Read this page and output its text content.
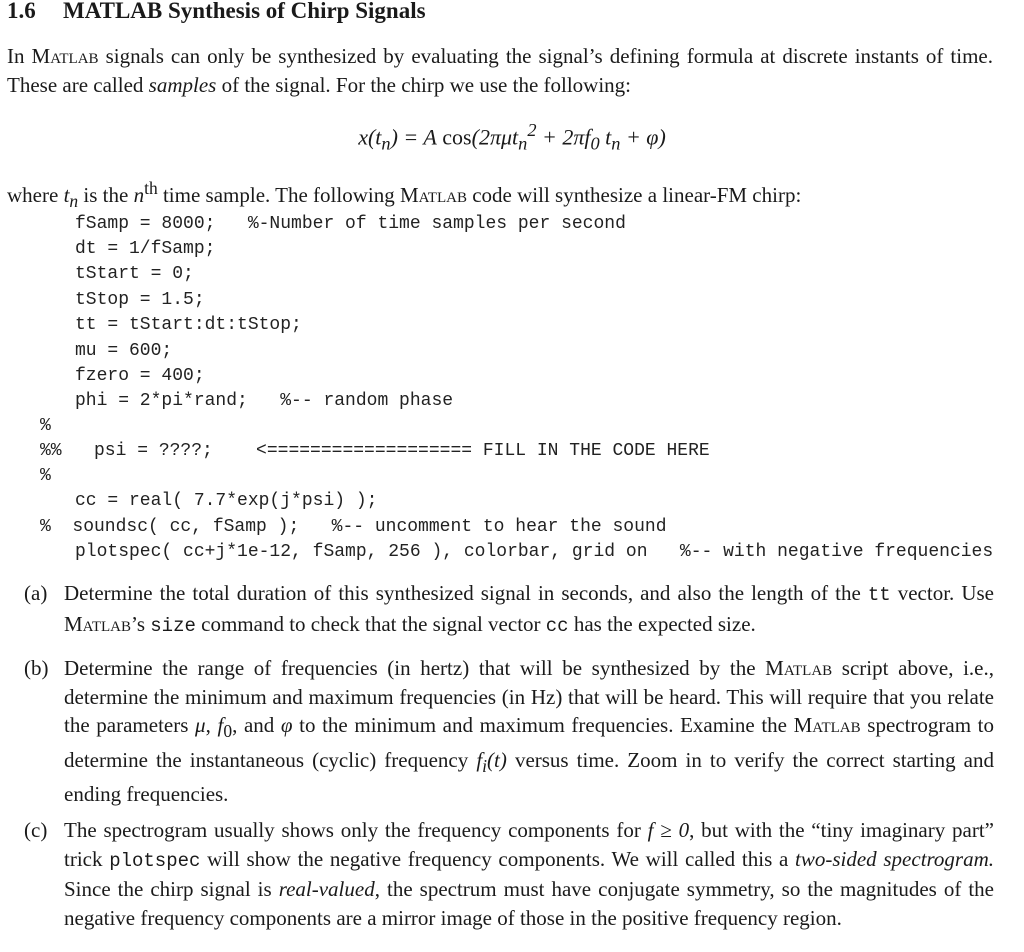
1.6 MATLAB Synthesis of Chirp Signals
In Matlab signals can only be synthesized by evaluating the signal’s defining formula at discrete instants of time. These are called samples of the signal. For the chirp we use the following:
$x(t_n) = A$ $\cos(2\pi\mu t_n^2 + 2\pi f_0$ $t_n + \varphi$)
where $t_n$ is the $n^{th}$ time sample. The following Matlab code will synthesize a linear-FM chirp:
fSamp = 8000;   %-Number of time samples per second
dt = 1/fSamp;
tStart = 0;
tStop = 1.5;
tt = tStart:dt:tStop;
mu = 600;
fzero = 400;
phi = 2*pi*rand;   %-- random phase
%
%%   psi = ????;    <=================== FILL IN THE CODE HERE
%
cc = real( 7.7*exp(j*psi) );
%  soundsc( cc, fSamp );   %-- uncomment to hear the sound
plotspec( cc+j*1e-12, fSamp, 256 ), colorbar, grid on   %-- with negative frequencies
(a) Determine the total duration of this synthesized signal in seconds, and also the length of the tt vector. Use Matlab’s size command to check that the signal vector cc has the expected size.
(b) Determine the range of frequencies (in hertz) that will be synthesized by the Matlab script above, i.e., determine the minimum and maximum frequencies (in Hz) that will be heard. This will require that you relate the parameters μ, $f_0$, and φ to the minimum and maximum frequencies. Examine the Matlab spectrogram to determine the instantaneous (cyclic) frequency $f_i(t)$ versus time. Zoom in to verify the correct starting and ending frequencies.
(c) The spectrogram usually shows only the frequency components for f ≥ 0, but with the “tiny imaginary part” trick plotspec will show the negative frequency components. We will called this a two-sided spectrogram. Since the chirp signal is real-valued, the spectrum must have conjugate symmetry, so the magnitudes of the negative frequency components are a mirror image of those in the positive frequency region.
